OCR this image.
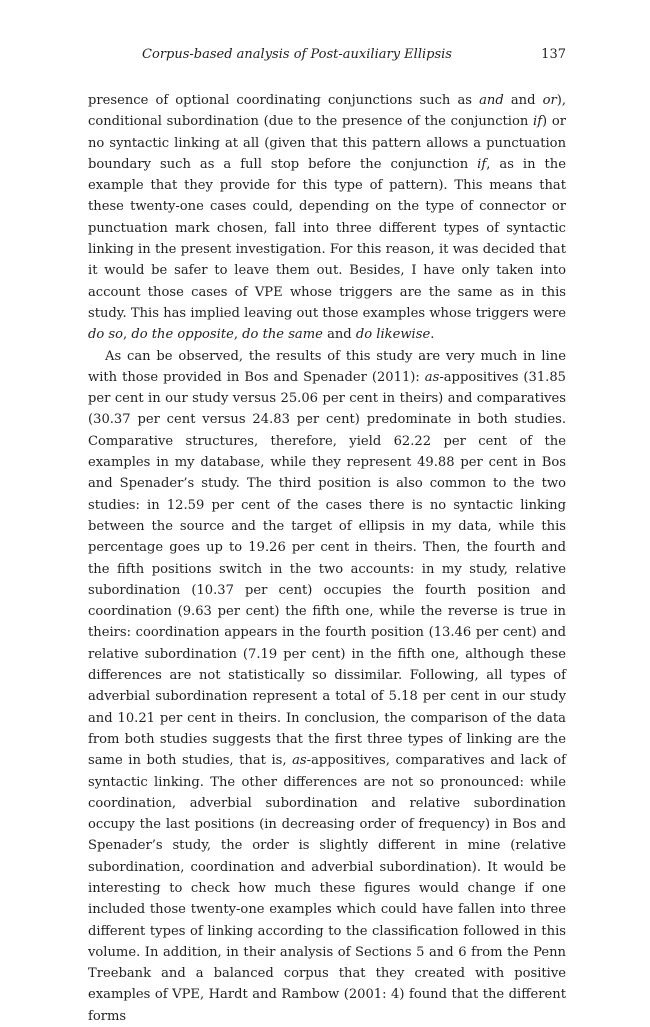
Corpus-based analysis of Post-auxiliary Ellipsis	137

presence of optional coordinating conjunctions such as and and or), conditional subordination (due to the presence of the conjunction if) or no syntactic linking at all (given that this pattern allows a punctuation boundary such as a full stop before the conjunction if, as in the example that they provide for this type of pattern). This means that these twenty-one cases could, depending on the type of connector or punctuation mark chosen, fall into three different types of syntactic linking in the present investigation. For this reason, it was decided that it would be safer to leave them out. Besides, I have only taken into account those cases of VPE whose triggers are the same as in this study. This has implied leaving out those examples whose triggers were do so, do the opposite, do the same and do likewise.

As can be observed, the results of this study are very much in line with those provided in Bos and Spenader (2011): as-appositives (31.85 per cent in our study versus 25.06 per cent in theirs) and comparatives (30.37 per cent versus 24.83 per cent) predominate in both studies. Comparative structures, therefore, yield 62.22 per cent of the examples in my database, while they represent 49.88 per cent in Bos and Spenader’s study. The third position is also common to the two studies: in 12.59 per cent of the cases there is no syntactic linking between the source and the target of ellipsis in my data, while this percentage goes up to 19.26 per cent in theirs. Then, the fourth and the fifth positions switch in the two accounts: in my study, relative subordination (10.37 per cent) occupies the fourth position and coordination (9.63 per cent) the fifth one, while the reverse is true in theirs: coordination appears in the fourth position (13.46 per cent) and relative subordination (7.19 per cent) in the fifth one, although these differences are not statistically so dissimilar. Following, all types of adverbial subordination represent a total of 5.18 per cent in our study and 10.21 per cent in theirs. In conclusion, the comparison of the data from both studies suggests that the first three types of linking are the same in both studies, that is, as-appositives, comparatives and lack of syntactic linking. The other differences are not so pronounced: while coordination, adverbial subordination and relative subordination occupy the last positions (in decreasing order of frequency) in Bos and Spenader’s study, the order is slightly different in mine (relative subordination, coordination and adverbial subordination). It would be interesting to check how much these figures would change if one included those twenty-one examples which could have fallen into three different types of linking according to the classification followed in this volume. In addition, in their analysis of Sections 5 and 6 from the Penn Treebank and a balanced corpus that they created with positive examples of VPE, Hardt and Rambow (2001: 4) found that the different forms
